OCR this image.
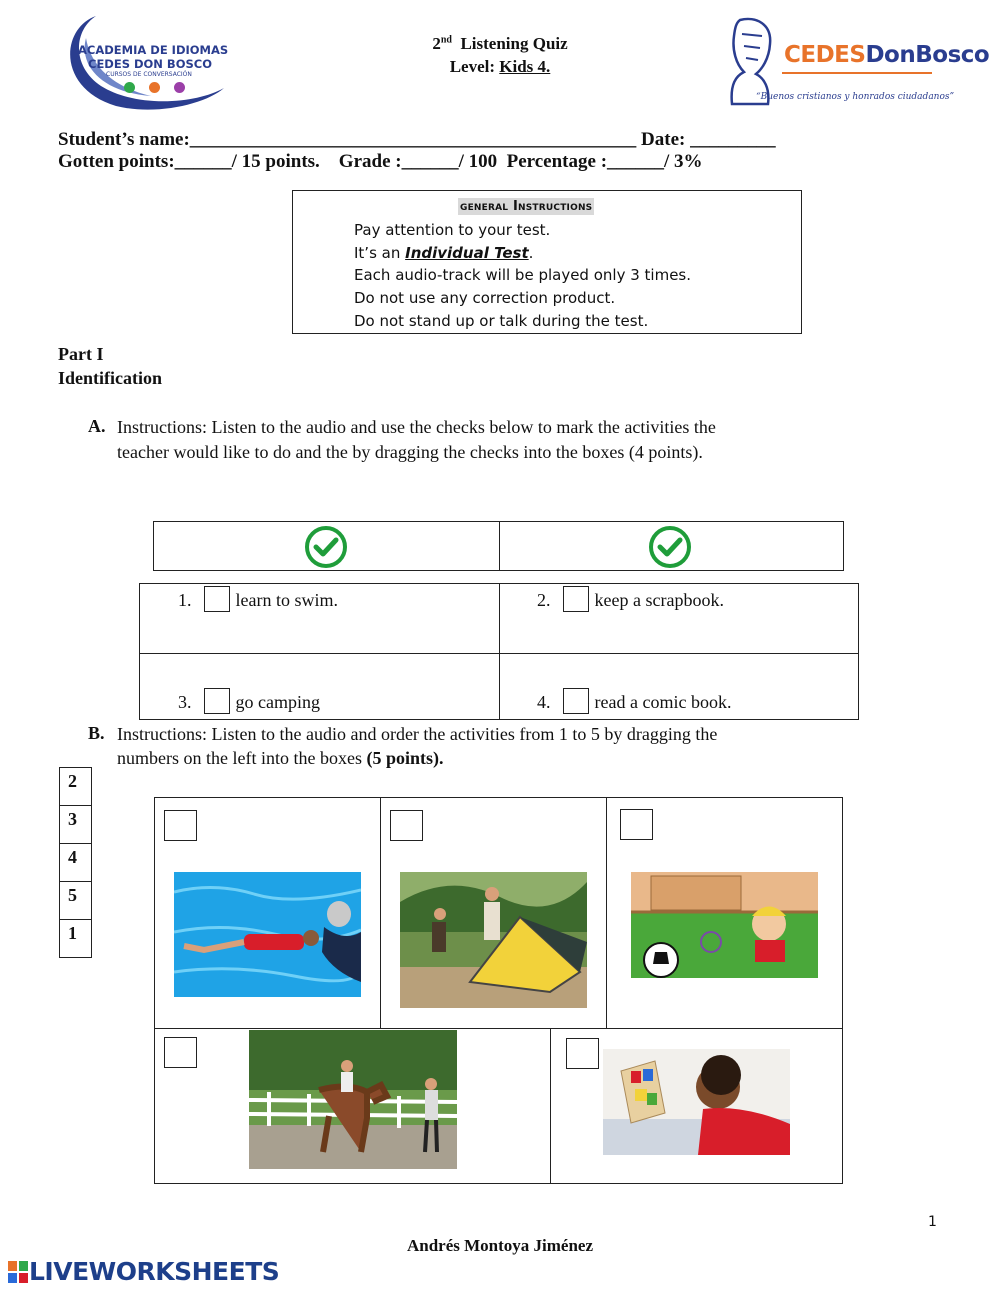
ACADEMIA DE IDIOMAS
CEDES DON BOSCO
CURSOS DE CONVERSACIÓN
2nd Listening Quiz
Level: Kids 4.	CEDESDonBosco
“Buenos cristianos y honrados ciudadanos”
Student’s name:_______________________________________________ Date: _________
Gotten points:______/ 15 points.    Grade :______/ 100  Percentage :______/ 3%
general Instructions
Pay attention to your test.
It’s an Individual Test.
Each audio-track will be played only 3 times.
Do not use any correction product.
Do not stand up or talk during the test.
Part I
Identification
A. Instructions: Listen to the audio and use the checks below to mark the activities the
teacher would like to do and the by dragging the checks into the boxes (4 points).
1. learn to swim.	2. keep a scrapbook.
3. go camping	4. read a comic book.
B. Instructions: Listen to the audio and order the activities from 1 to 5 by dragging the
numbers on the left into the boxes (5 points).
2
3
4
5
1
1
Andrés Montoya Jiménez
LIVEWORKSHEETS
